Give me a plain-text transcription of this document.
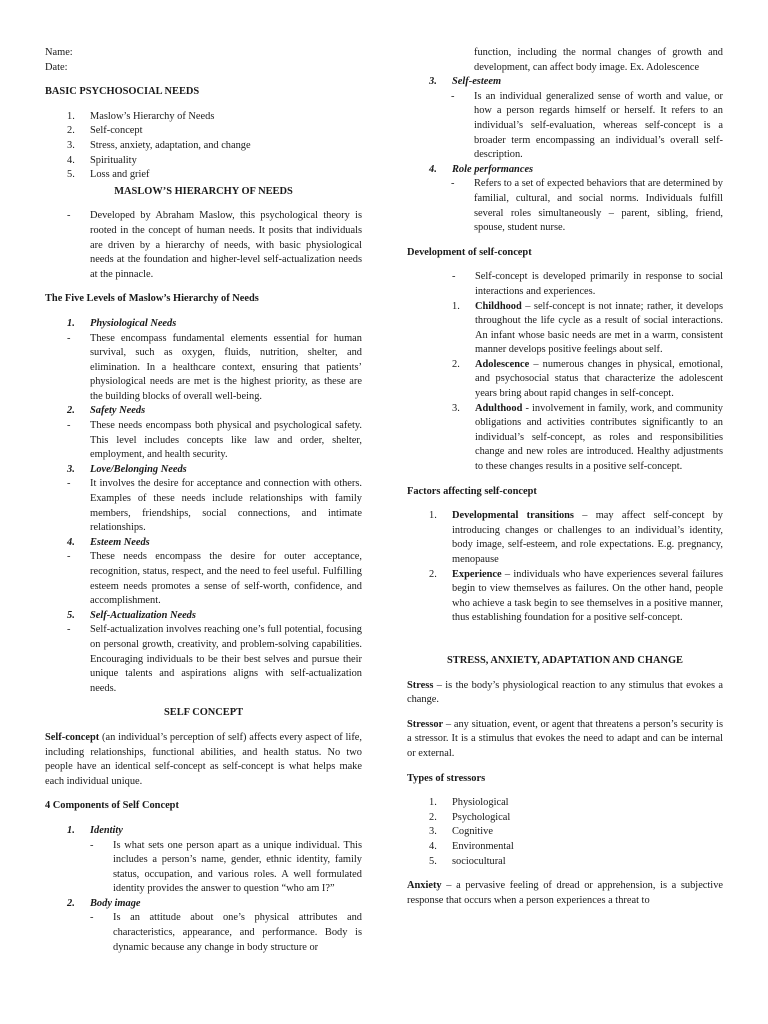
Name:

Date:

BASIC PSYCHOSOCIAL NEEDS

1.	Maslow’s Hierarchy of Needs
2.	Self-concept
3.	Stress, anxiety, adaptation, and change
4.	Spirituality
5.	Loss and grief

MASLOW’S HIERARCHY OF NEEDS

-	Developed by Abraham Maslow, this psychological theory is rooted in the concept of human needs. It posits that individuals are driven by a hierarchy of needs, with basic physiological needs at the foundation and higher-level self-actualization needs at the pinnacle.

The Five Levels of Maslow’s Hierarchy of Needs

1.	Physiological Needs
-	These encompass fundamental elements essential for human survival, such as oxygen, fluids, nutrition, shelter, and elimination. In a healthcare context, ensuring that patients’ physiological needs are met is the highest priority, as these are the building blocks of overall well-being.
2.	Safety Needs
-	These needs encompass both physical and psychological safety. This level includes concepts like law and order, shelter, employment, and health security.
3.	Love/Belonging Needs
-	It involves the desire for acceptance and connection with others. Examples of these needs include relationships with family members, friendships, social connections, and intimate relationships.
4.	Esteem Needs
-	These needs encompass the desire for outer acceptance, recognition, status, respect, and the need to feel useful. Fulfilling esteem needs promotes a sense of self-worth, confidence, and accomplishment.
5.	Self-Actualization Needs
-	Self-actualization involves reaching one’s full potential, focusing on personal growth, creativity, and problem-solving capabilities. Encouraging individuals to be their best selves and pursue their unique talents and aspirations aligns with self-actualization needs.

SELF CONCEPT

Self-concept (an individual’s perception of self) affects every aspect of life, including relationships, functional abilities, and health status. No two people have an identical self-concept as self-concept is what helps make each individual unique.

4 Components of Self Concept

1.	Identity
-	Is what sets one person apart as a unique individual. This includes a person’s name, gender, ethnic identity, family status, occupation, and various roles. A well formulated identity provides the answer to question “who am I?”
2.	Body image
-	Is an attitude about one’s physical attributes and characteristics, appearance, and performance. Body is dynamic because any change in body structure or

function, including the normal changes of growth and development, can affect body image. Ex. Adolescence

3.	Self-esteem
-	Is an individual generalized sense of worth and value, or how a person regards himself or herself. It refers to an individual’s self-evaluation, whereas self-concept is a broader term encompassing an individual’s overall self-description.
4.	Role performances
-	Refers to a set of expected behaviors that are determined by familial, cultural, and social norms. Individuals fulfill several roles simultaneously – parent, sibling, friend, spouse, student nurse.

Development of self-concept

-	Self-concept is developed primarily in response to social interactions and experiences.
1.	Childhood – self-concept is not innate; rather, it develops throughout the life cycle as a result of social interactions. An infant whose basic needs are met in a warm, consistent manner develops positive feelings about self.
2.	Adolescence – numerous changes in physical, emotional, and psychosocial status that characterize the adolescent years bring about rapid changes in self-concept.
3.	Adulthood - involvement in family, work, and community obligations and activities contributes significantly to an individual’s self-concept, as roles and responsibilities change and new roles are introduced. Healthy adjustments to these changes results in a positive self-concept.

Factors affecting self-concept

1.	Developmental transitions – may affect self-concept by introducing changes or challenges to an individual’s identity, body image, self-esteem, and role expectations. E.g. pregnancy, menopause
2.	Experience – individuals who have experiences several failures begin to view themselves as failures. On the other hand, people who achieve a task begin to see themselves in a positive manner, thus establishing foundation for a positive self-concept.

STRESS, ANXIETY, ADAPTATION AND CHANGE

Stress – is the body’s physiological reaction to any stimulus that evokes a change.

Stressor – any situation, event, or agent that threatens a person’s security is a stressor. It is a stimulus that evokes the need to adapt and can be internal or external.

Types of stressors

1.	Physiological
2.	Psychological
3.	Cognitive
4.	Environmental
5.	sociocultural

Anxiety – a pervasive feeling of dread or apprehension, is a subjective response that occurs when a person experiences a threat to
